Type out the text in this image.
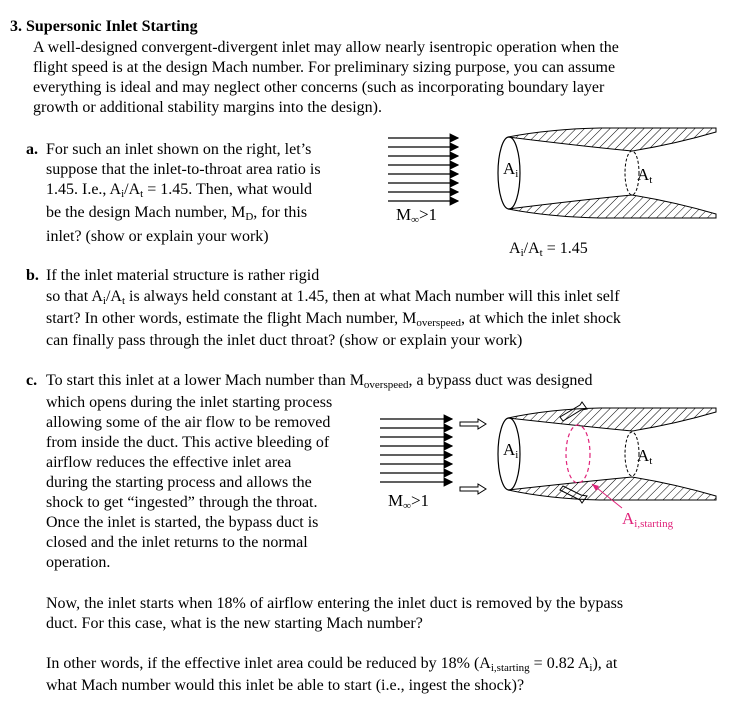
3. Supersonic Inlet Starting
A well-designed convergent-divergent inlet may allow nearly isentropic operation when the
flight speed is at the design Mach number. For preliminary sizing purpose, you can assume
everything is ideal and may neglect other concerns (such as incorporating boundary layer
growth or additional stability margins into the design).
a. For such an inlet shown on the right, let’s
suppose that the inlet-to-throat area ratio is
1.45. I.e., $A_i/A_t = 1.45$. Then, what would
be the design Mach number, $M_D$, for this
inlet? (show or explain your work)
$A_i$	$A_t$
$M_\infty>1$
$A_i/A_t = 1.45$
b. If the inlet material structure is rather rigid
so that $A_i/A_t$ is always held constant at 1.45, then at what Mach number will this inlet self
start? In other words, estimate the flight Mach number, $M_{overspeed}$, at which the inlet shock
can finally pass through the inlet duct throat? (show or explain your work)
c. To start this inlet at a lower Mach number than $M_{overspeed}$, a bypass duct was designed
which opens during the inlet starting process
allowing some of the air flow to be removed
from inside the duct. This active bleeding of
airflow reduces the effective inlet area
during the starting process and allows the
shock to get “ingested” through the throat.
Once the inlet is started, the bypass duct is
closed and the inlet returns to the normal
operation.
$A_i$	$A_t$
$M_\infty>1$
$A_{i,starting}$
Now, the inlet starts when 18% of airflow entering the inlet duct is removed by the bypass
duct. For this case, what is the new starting Mach number?
In other words, if the effective inlet area could be reduced by 18% ($A_{i,starting} = 0.82$ $A_i$), at
what Mach number would this inlet be able to start (i.e., ingest the shock)?
